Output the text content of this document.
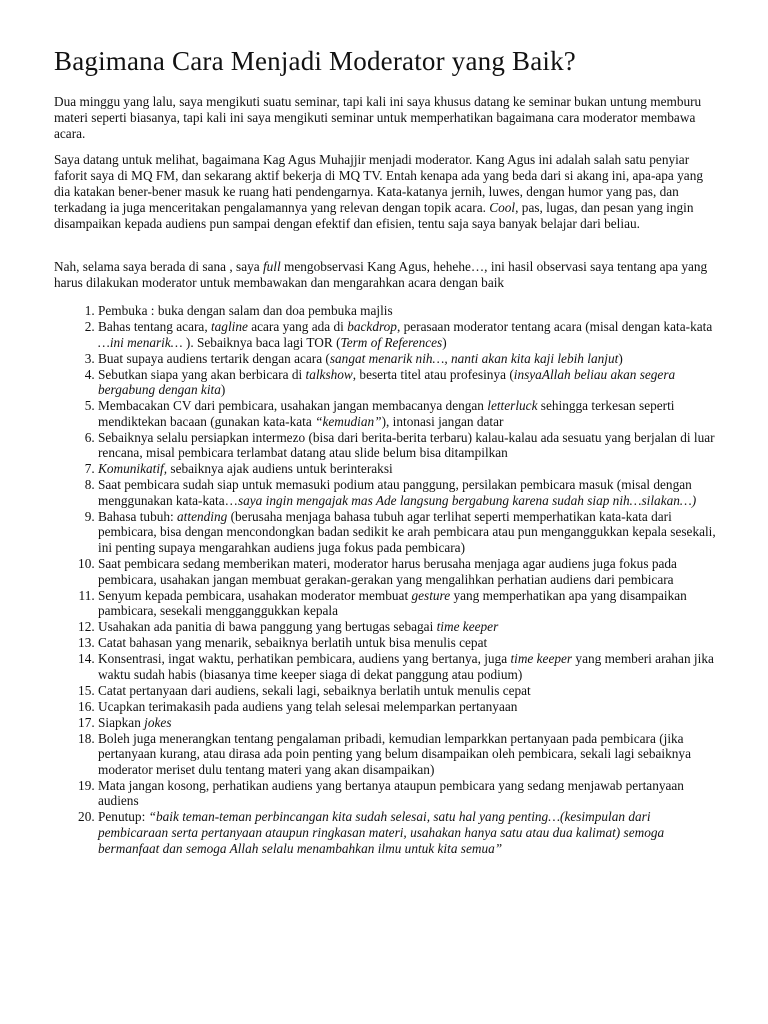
Bagimana Cara Menjadi Moderator yang Baik?

Dua minggu yang lalu, saya mengikuti suatu seminar, tapi kali ini saya khusus datang ke seminar bukan untung memburu materi seperti biasanya, tapi kali ini saya mengikuti seminar untuk memperhatikan bagaimana cara moderator membawa acara.

Saya datang untuk melihat, bagaimana Kag Agus Muhajjir menjadi moderator. Kang Agus ini adalah salah satu penyiar faforit saya di MQ FM, dan sekarang aktif bekerja di MQ TV. Entah kenapa ada yang beda dari si akang ini, apa-apa yang dia katakan bener-bener masuk ke ruang hati pendengarnya. Kata-katanya jernih, luwes, dengan humor yang pas, dan terkadang ia juga menceritakan pengalamannya yang relevan dengan topik acara. Cool, pas, lugas, dan pesan yang ingin disampaikan kepada audiens pun sampai dengan efektif dan efisien, tentu saja saya banyak belajar dari beliau.

Nah, selama saya berada di sana , saya full mengobservasi Kang Agus, hehehe…, ini hasil observasi saya tentang apa yang harus dilakukan moderator untuk membawakan dan mengarahkan acara dengan baik

1. Pembuka : buka dengan salam dan doa pembuka majlis
2. Bahas tentang acara, tagline acara yang ada di backdrop, perasaan moderator tentang acara (misal dengan kata-kata …ini menarik… ). Sebaiknya baca lagi TOR (Term of References)
3. Buat supaya audiens tertarik dengan acara (sangat menarik nih…, nanti akan kita kaji lebih lanjut)
4. Sebutkan siapa yang akan berbicara di talkshow, beserta titel atau profesinya (insyaAllah beliau akan segera bergabung dengan kita)
5. Membacakan CV dari pembicara, usahakan jangan membacanya dengan letterluck sehingga terkesan seperti mendiktekan bacaan (gunakan kata-kata “kemudian”), intonasi jangan datar
6. Sebaiknya selalu persiapkan intermezo (bisa dari berita-berita terbaru) kalau-kalau ada sesuatu yang berjalan di luar rencana, misal pembicara terlambat datang atau slide belum bisa ditampilkan
7. Komunikatif, sebaiknya ajak audiens untuk berinteraksi
8. Saat pembicara sudah siap untuk memasuki podium atau panggung, persilakan pembicara masuk (misal dengan menggunakan kata-kata…saya ingin mengajak mas Ade langsung bergabung karena sudah siap nih…silakan…)
9. Bahasa tubuh: attending (berusaha menjaga bahasa tubuh agar terlihat seperti memperhatikan kata-kata dari pembicara, bisa dengan mencondongkan badan sedikit ke arah pembicara atau pun menganggukkan kepala sesekali, ini penting supaya mengarahkan audiens juga fokus pada pembicara)
10. Saat pembicara sedang memberikan materi, moderator harus berusaha menjaga agar audiens juga fokus pada pembicara, usahakan jangan membuat gerakan-gerakan yang mengalihkan perhatian audiens dari pembicara
11. Senyum kepada pembicara, usahakan moderator membuat gesture yang memperhatikan apa yang disampaikan pambicara, sesekali mengganggukkan kepala
12. Usahakan ada panitia di bawa panggung yang bertugas sebagai time keeper
13. Catat bahasan yang menarik, sebaiknya berlatih untuk bisa menulis cepat
14. Konsentrasi, ingat waktu, perhatikan pembicara, audiens yang bertanya, juga time keeper yang memberi arahan jika waktu sudah habis (biasanya time keeper siaga di dekat panggung atau podium)
15. Catat pertanyaan dari audiens, sekali lagi, sebaiknya berlatih untuk menulis cepat
16. Ucapkan terimakasih pada audiens yang telah selesai melemparkan pertanyaan
17. Siapkan jokes
18. Boleh juga menerangkan tentang pengalaman pribadi, kemudian lemparkkan pertanyaan pada pembicara (jika pertanyaan kurang, atau dirasa ada poin penting yang belum disampaikan oleh pembicara, sekali lagi sebaiknya moderator meriset dulu tentang materi yang akan disampaikan)
19. Mata jangan kosong, perhatikan audiens yang bertanya ataupun pembicara yang sedang menjawab pertanyaan audiens
20. Penutup: “baik teman-teman perbincangan kita sudah selesai, satu hal yang penting…(kesimpulan dari pembicaraan serta pertanyaan ataupun ringkasan materi, usahakan hanya satu atau dua kalimat) semoga bermanfaat dan semoga Allah selalu menambahkan ilmu untuk kita semua”
